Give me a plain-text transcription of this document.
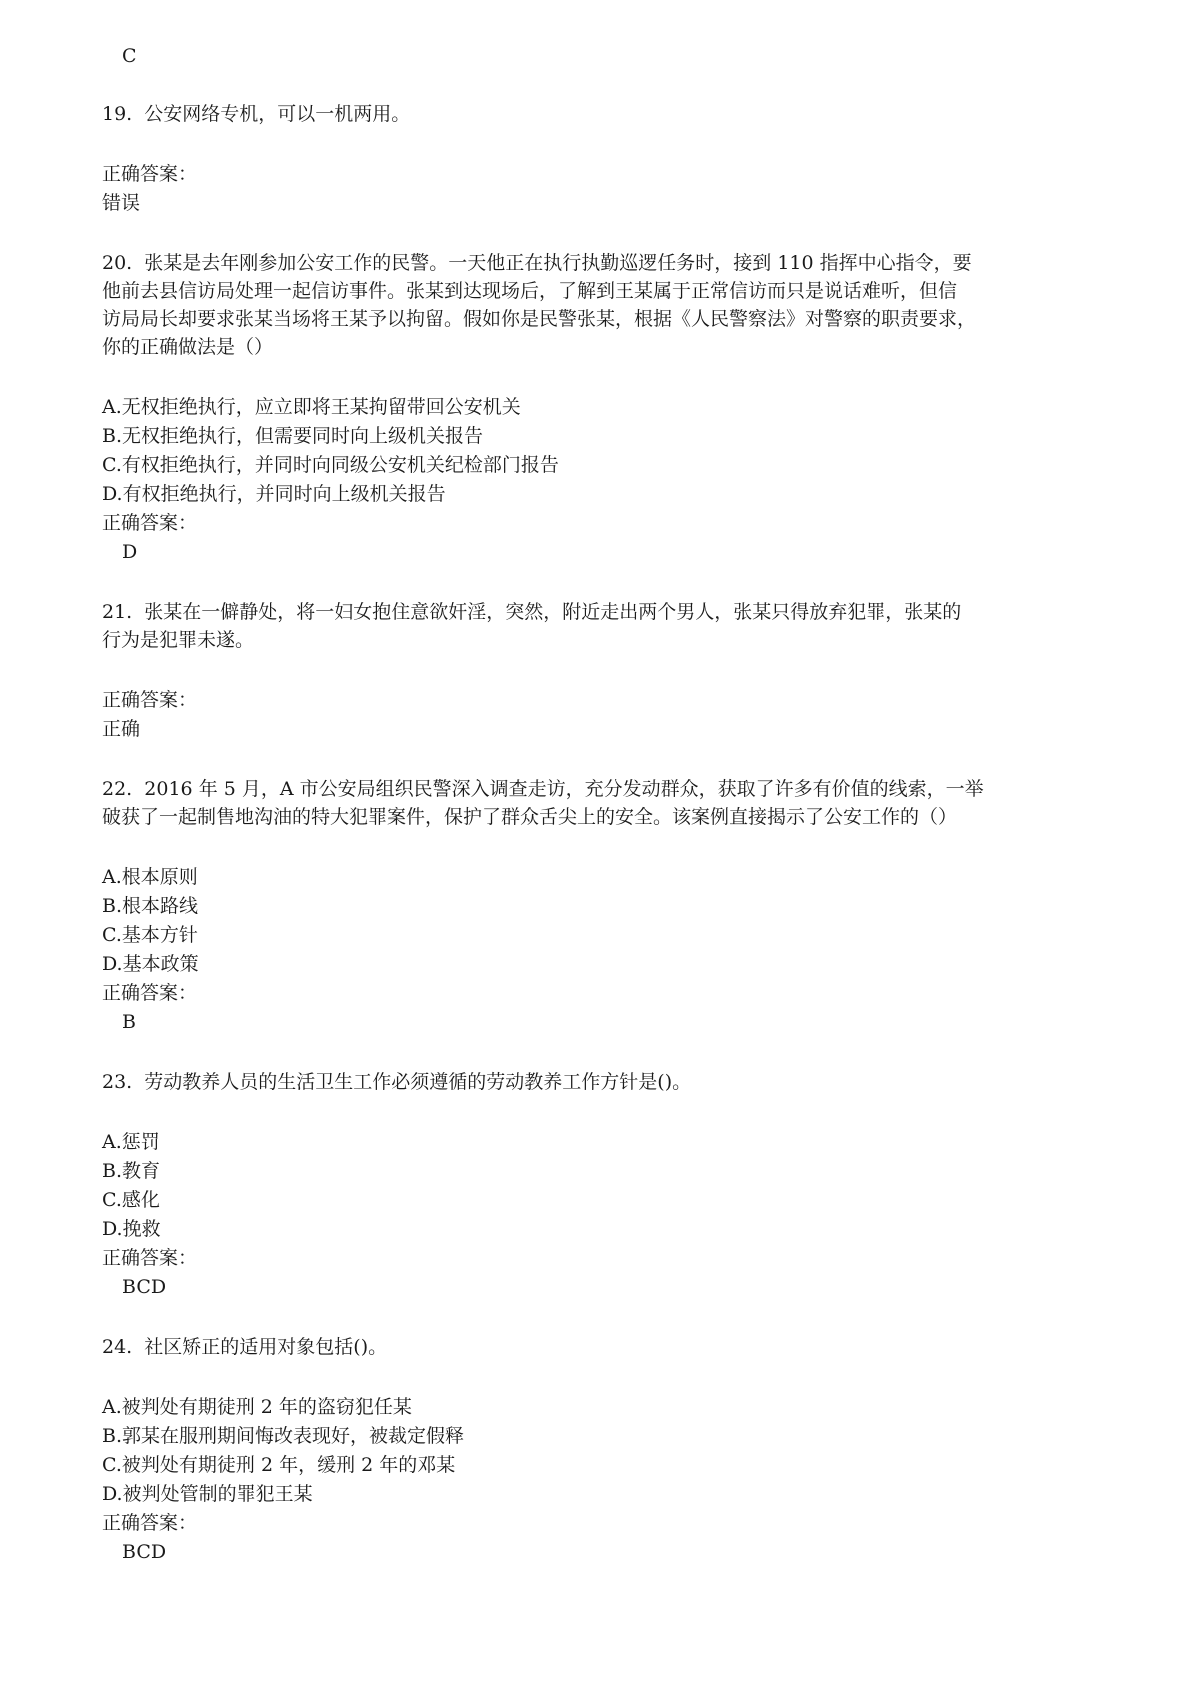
C
19.  公安网络专机，可以一机两用。
正确答案：
错误
20.  张某是去年刚参加公安工作的民警。一天他正在执行执勤巡逻任务时，接到 110 指挥中心指令，要
他前去县信访局处理一起信访事件。张某到达现场后，了解到王某属于正常信访而只是说话难听，但信
访局局长却要求张某当场将王某予以拘留。假如你是民警张某，根据《人民警察法》对警察的职责要求，
你的正确做法是（）
A.无权拒绝执行，应立即将王某拘留带回公安机关
B.无权拒绝执行，但需要同时向上级机关报告
C.有权拒绝执行，并同时向同级公安机关纪检部门报告
D.有权拒绝执行，并同时向上级机关报告
正确答案：
D
21.  张某在一僻静处，将一妇女抱住意欲奸淫，突然，附近走出两个男人，张某只得放弃犯罪，张某的
行为是犯罪未遂。
正确答案：
正确
22.  2016 年 5 月，A 市公安局组织民警深入调查走访，充分发动群众，获取了许多有价值的线索，一举
破获了一起制售地沟油的特大犯罪案件，保护了群众舌尖上的安全。该案例直接揭示了公安工作的（）
A.根本原则
B.根本路线
C.基本方针
D.基本政策
正确答案：
B
23.  劳动教养人员的生活卫生工作必须遵循的劳动教养工作方针是()。
A.惩罚
B.教育
C.感化
D.挽救
正确答案：
BCD
24.  社区矫正的适用对象包括()。
A.被判处有期徒刑 2 年的盗窃犯任某
B.郭某在服刑期间悔改表现好，被裁定假释
C.被判处有期徒刑 2 年，缓刑 2 年的邓某
D.被判处管制的罪犯王某
正确答案：
BCD
